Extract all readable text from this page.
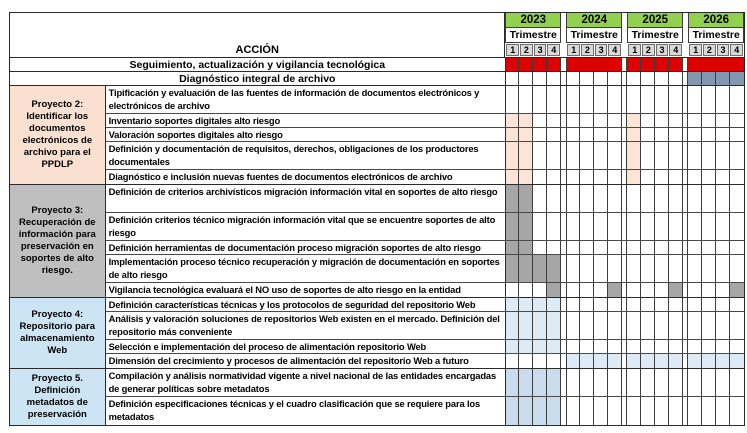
ACCIÓN
2023
Trimestre
1 2 3 4
2024
Trimestre
1 2 3 4
2025
Trimestre
1 2 3 4
2026
Trimestre
1 2 3 4
Seguimiento, actualización y vigilancia tecnológica
Diagnóstico integral de archivo
Proyecto 2: Identificar los documentos electrónicos de archivo para el PPDLP
Tipificación y evaluación de las fuentes de información de documentos electrónicos y electrónicos de archivo
Inventario soportes digitales alto riesgo
Valoración soportes digitales alto riesgo
Definición y documentación de requisitos, derechos, obligaciones de los productores documentales
Diagnóstico e inclusión nuevas fuentes de documentos electrónicos de archivo
Proyecto 3: Recuperación de información para preservación en soportes de alto riesgo.
Definición de criterios archivísticos migración información vital en soportes de alto riesgo
Definición criterios técnico migración información vital que se encuentre soportes de alto riesgo
Definición herramientas de documentación proceso migración soportes de alto riesgo
Implementación proceso técnico recuperación y migración de documentación en soportes de alto riesgo
Vigilancia tecnológica evaluará el NO uso de soportes de alto riesgo en la entidad
Proyecto 4: Repositorio para almacenamiento Web
Definición características técnicas y los protocolos de seguridad del repositorio Web
Análisis y valoración soluciones de repositorios Web existen en el mercado. Definición del repositorio más conveniente
Selección e implementación del proceso de alimentación repositorio Web
Dimensión del crecimiento y procesos de alimentación del repositorio Web a futuro
Proyecto 5. Definición metadatos de preservación
Compilación y análisis normatividad vigente a nivel nacional de las entidades encargadas de generar políticas sobre metadatos
Definición especificaciones técnicas y el cuadro clasificación que se requiere para los metadatos
